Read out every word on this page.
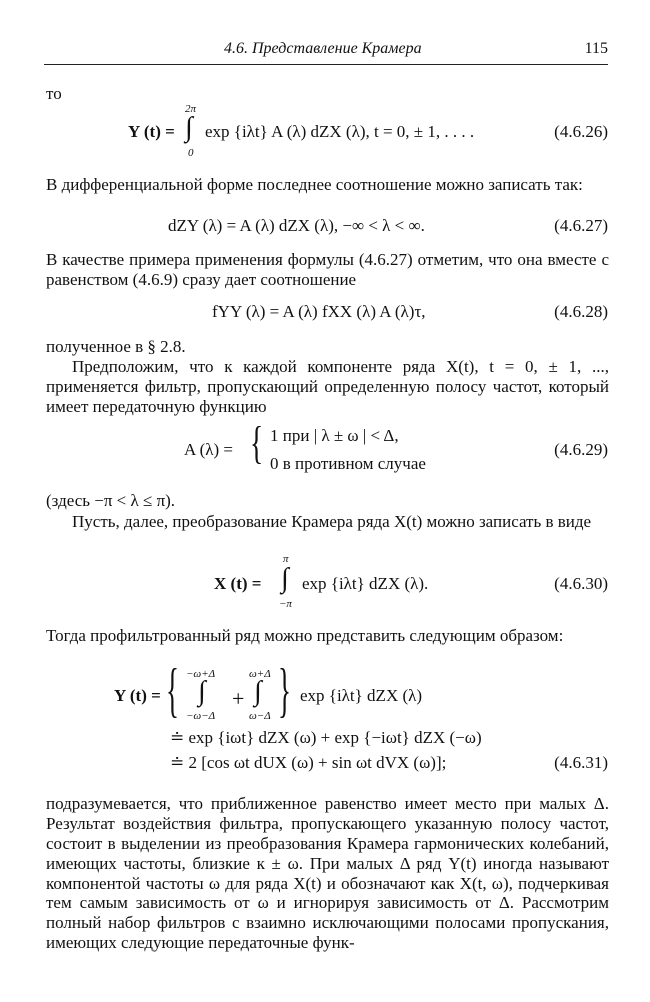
4.6. Представление Крамера	115
то
Y (t) =
2π
∫
0
exp {iλt} A (λ) dZX (λ), t = 0, ± 1, . . . .	(4.6.26)
В дифференциальной форме последнее соотношение можно записать так:
dZY (λ) = A (λ) dZX (λ), −∞ < λ < ∞.	(4.6.27)
В качестве примера применения формулы (4.6.27) отметим, что она вместе с равенством (4.6.9) сразу дает соотношение
fYY (λ) = A (λ) fXX (λ) A (λ)τ,	(4.6.28)
полученное в § 2.8.
Предположим, что к каждой компоненте ряда X(t), t = 0, ± 1, ..., применяется фильтр, пропускающий определенную полосу частот, который имеет передаточную функцию
A (λ) = { 1 при | λ ± ω | < Δ,
0 в противном случае
(4.6.29)
(здесь −π < λ ≤ π).
Пусть, далее, преобразование Крамера ряда X(t) можно записать в виде
X (t) =
π
∫
−π
exp {iλt} dZX (λ).	(4.6.30)
Тогда профильтрованный ряд можно представить следующим образом:
Y (t) = { −ω+Δ
∫
−ω−Δ
+
ω+Δ
∫
ω−Δ } exp {iλt} dZX (λ)
≐ exp {iωt} dZX (ω) + exp {−iωt} dZX (−ω)
≐ 2 [cos ωt dUX (ω) + sin ωt dVX (ω)];	(4.6.31)
подразумевается, что приближенное равенство имеет место при малых Δ. Результат воздействия фильтра, пропускающего указанную полосу частот, состоит в выделении из преобразования Крамера гармонических колебаний, имеющих частоты, близкие к ± ω. При малых Δ ряд Y(t) иногда называют компонентой частоты ω для ряда X(t) и обозначают как X(t, ω), подчеркивая тем самым зависимость от ω и игнорируя зависимость от Δ. Рассмотрим полный набор фильтров с взаимно исключающими полосами пропускания, имеющих следующие передаточные функ-
